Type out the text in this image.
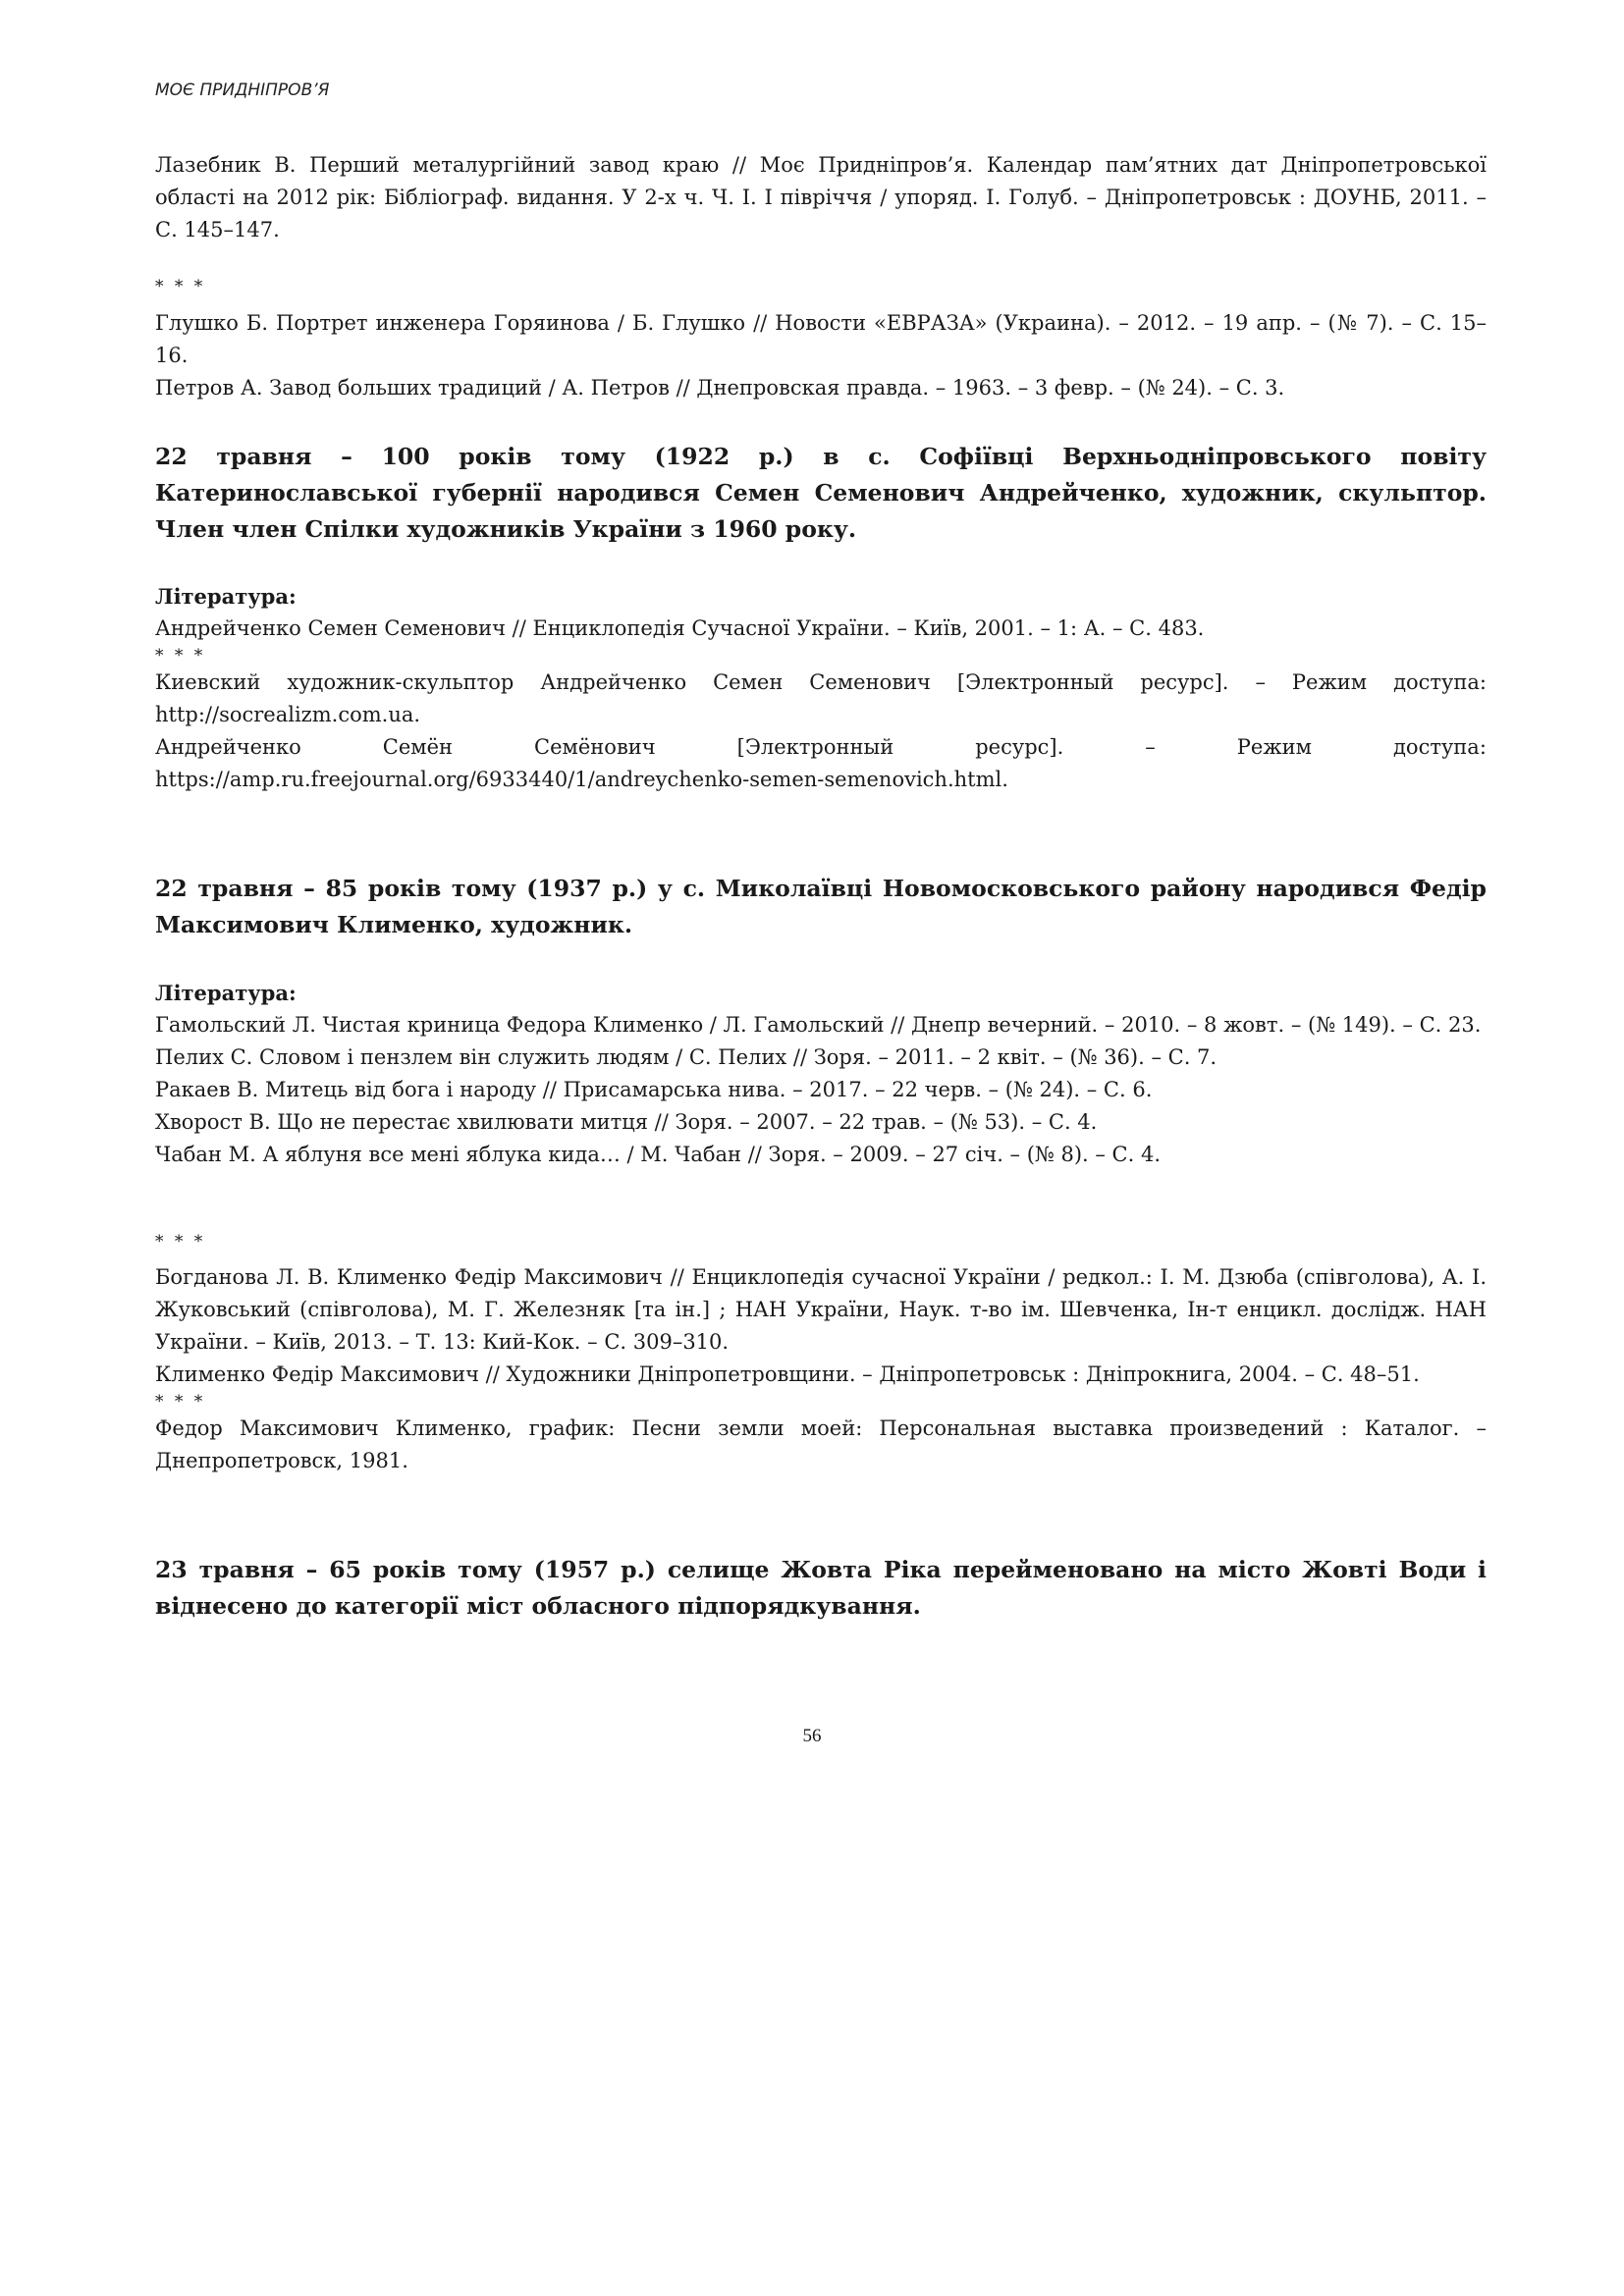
МОЄ ПРИДНІПРОВ’Я

Лазебник В. Перший металургійний завод краю // Моє Придніпров’я. Календар пам’ятних дат Дніпропетровської області на 2012 рік: Бібліограф. видання. У 2-х ч. Ч. І. І півріччя / упоряд. І. Голуб. – Дніпропетровськ : ДОУНБ, 2011. – С. 145–147.

* * *

Глушко Б. Портрет инженера Горяинова / Б. Глушко // Новости «ЕВРАЗА» (Украина). – 2012. – 19 апр. – (№ 7). – С. 15–16.

Петров А. Завод больших традиций / А. Петров // Днепровская правда. – 1963. – 3 февр. – (№ 24). – С. 3.

22 травня – 100 років тому (1922 р.) в с. Софіївці Верхньодніпровського повіту Катеринославської губернії народився Семен Семенович Андрейченко, художник, скульптор. Член член Спілки художників України з 1960 року.

Література:

Андрейченко Семен Семенович // Енциклопедія Сучасної України. – Київ, 2001. – 1: А. – С. 483.

* * *

Киевский художник-скульптор Андрейченко Семен Семенович [Электронный ресурс]. – Режим доступа: http://socrealizm.com.ua.

Андрейченко	Семён	Семёнович	[Электронный	ресурс].	–	Режим	доступа:

https://amp.ru.freejournal.org/6933440/1/andreychenko-semen-semenovich.html.

22 травня – 85 років тому (1937 р.) у с. Миколаївці Новомосковського району народився Федір Максимович Клименко, художник.

Література:

Гамольский Л. Чистая криница Федора Клименко / Л. Гамольский // Днепр вечерний. – 2010. – 8 жовт. – (№ 149). – С. 23.

Пелих С. Словом і пензлем він служить людям / С. Пелих // Зоря. – 2011. – 2 квіт. – (№ 36). – С. 7.

Ракаев В. Митець від бога і народу // Присамарська нива. – 2017. – 22 черв. – (№ 24). – С. 6.

Хворост В. Що не перестає хвилювати митця // Зоря. – 2007. – 22 трав. – (№ 53). – С. 4.

Чабан М. А яблуня все мені яблука кида… / М. Чабан // Зоря. – 2009. – 27 січ. – (№ 8). – С. 4.

* * *

Богданова Л. В. Клименко Федір Максимович // Енциклопедія сучасної України / редкол.: І. М. Дзюба (співголова), А. І. Жуковський (співголова), М. Г. Железняк [та ін.] ; НАН України, Наук. т-во ім. Шевченка, Ін-т енцикл. дослідж. НАН України. – Київ, 2013. – Т. 13: Кий-Кок. – С. 309–310.

Клименко Федір Максимович // Художники Дніпропетровщини. – Дніпропетровськ : Дніпрокнига, 2004. – С. 48–51.

* * *

Федор Максимович Клименко, график: Песни земли моей: Персональная выставка произведений : Каталог. – Днепропетровск, 1981.

23 травня – 65 років тому (1957 р.) селище Жовта Ріка перейменовано на місто Жовті Води і віднесено до категорії міст обласного підпорядкування.

56
